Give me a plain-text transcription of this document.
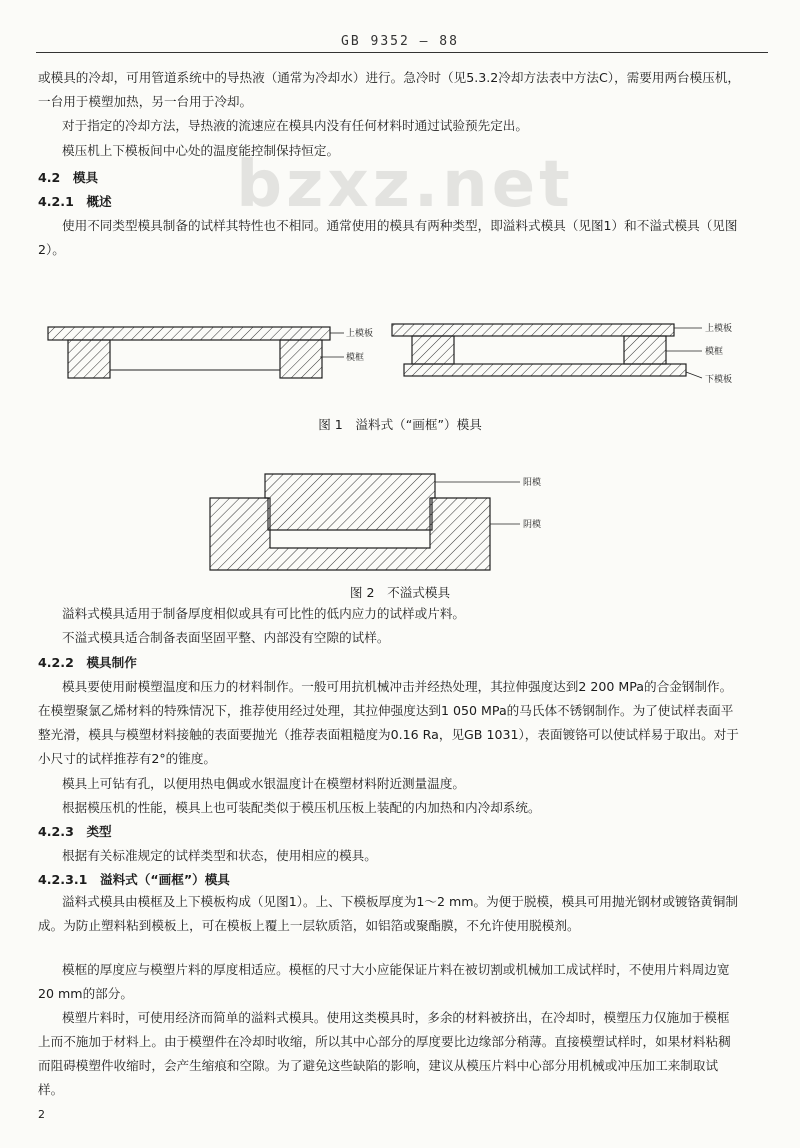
GB 9352 — 88
bzxz.net

或模具的冷却，可用管道系统中的导热液（通常为冷却水）进行。急冷时（见5.3.2冷却方法表中方法C），需要用两台模压机，一台用于模塑加热，另一台用于冷却。

对于指定的冷却方法，导热液的流速应在模具内没有任何材料时通过试验预先定出。

模压机上下模板间中心处的温度能控制保持恒定。

4.2　模具

4.2.1　概述

使用不同类型模具制备的试样其特性也不相同。通常使用的模具有两种类型，即溢料式模具（见图1）和不溢式模具（见图2）。

上模板
模框
上模板
模框
下模板
图 1　溢料式（“画框”）模具
阳模
阴模
图 2　不溢式模具

溢料式模具适用于制备厚度相似或具有可比性的低内应力的试样或片料。

不溢式模具适合制备表面坚固平整、内部没有空隙的试样。

4.2.2　模具制作

模具要使用耐模塑温度和压力的材料制作。一般可用抗机械冲击并经热处理，其拉伸强度达到2 200 MPa的合金钢制作。在模塑聚氯乙烯材料的特殊情况下，推荐使用经过处理，其拉伸强度达到1 050 MPa的马氏体不锈钢制作。为了使试样表面平整光滑，模具与模塑材料接触的表面要抛光（推荐表面粗糙度为0.16 Ra，见GB 1031），表面镀铬可以使试样易于取出。对于小尺寸的试样推荐有2°的锥度。

模具上可钻有孔，以便用热电偶或水银温度计在模塑材料附近测量温度。

根据模压机的性能，模具上也可装配类似于模压机压板上装配的内加热和内冷却系统。

4.2.3　类型

根据有关标准规定的试样类型和状态，使用相应的模具。

4.2.3.1　溢料式（“画框”）模具

溢料式模具由模框及上下模板构成（见图1）。上、下模板厚度为1～2 mm。为便于脱模，模具可用抛光钢材或镀铬黄铜制成。为防止塑料粘到模板上，可在模板上覆上一层软质箔，如铝箔或聚酯膜，不允许使用脱模剂。

模框的厚度应与模塑片料的厚度相适应。模框的尺寸大小应能保证片料在被切割或机械加工成试样时，不使用片料周边宽20 mm的部分。

模塑片料时，可使用经济而简单的溢料式模具。使用这类模具时，多余的材料被挤出，在冷却时，模塑压力仅施加于模框上而不施加于材料上。由于模塑件在冷却时收缩，所以其中心部分的厚度要比边缘部分稍薄。直接模塑试样时，如果材料粘稠而阻碍模塑件收缩时，会产生缩痕和空隙。为了避免这些缺陷的影响，建议从模压片料中心部分用机械或冲压加工来制取试样。

2
